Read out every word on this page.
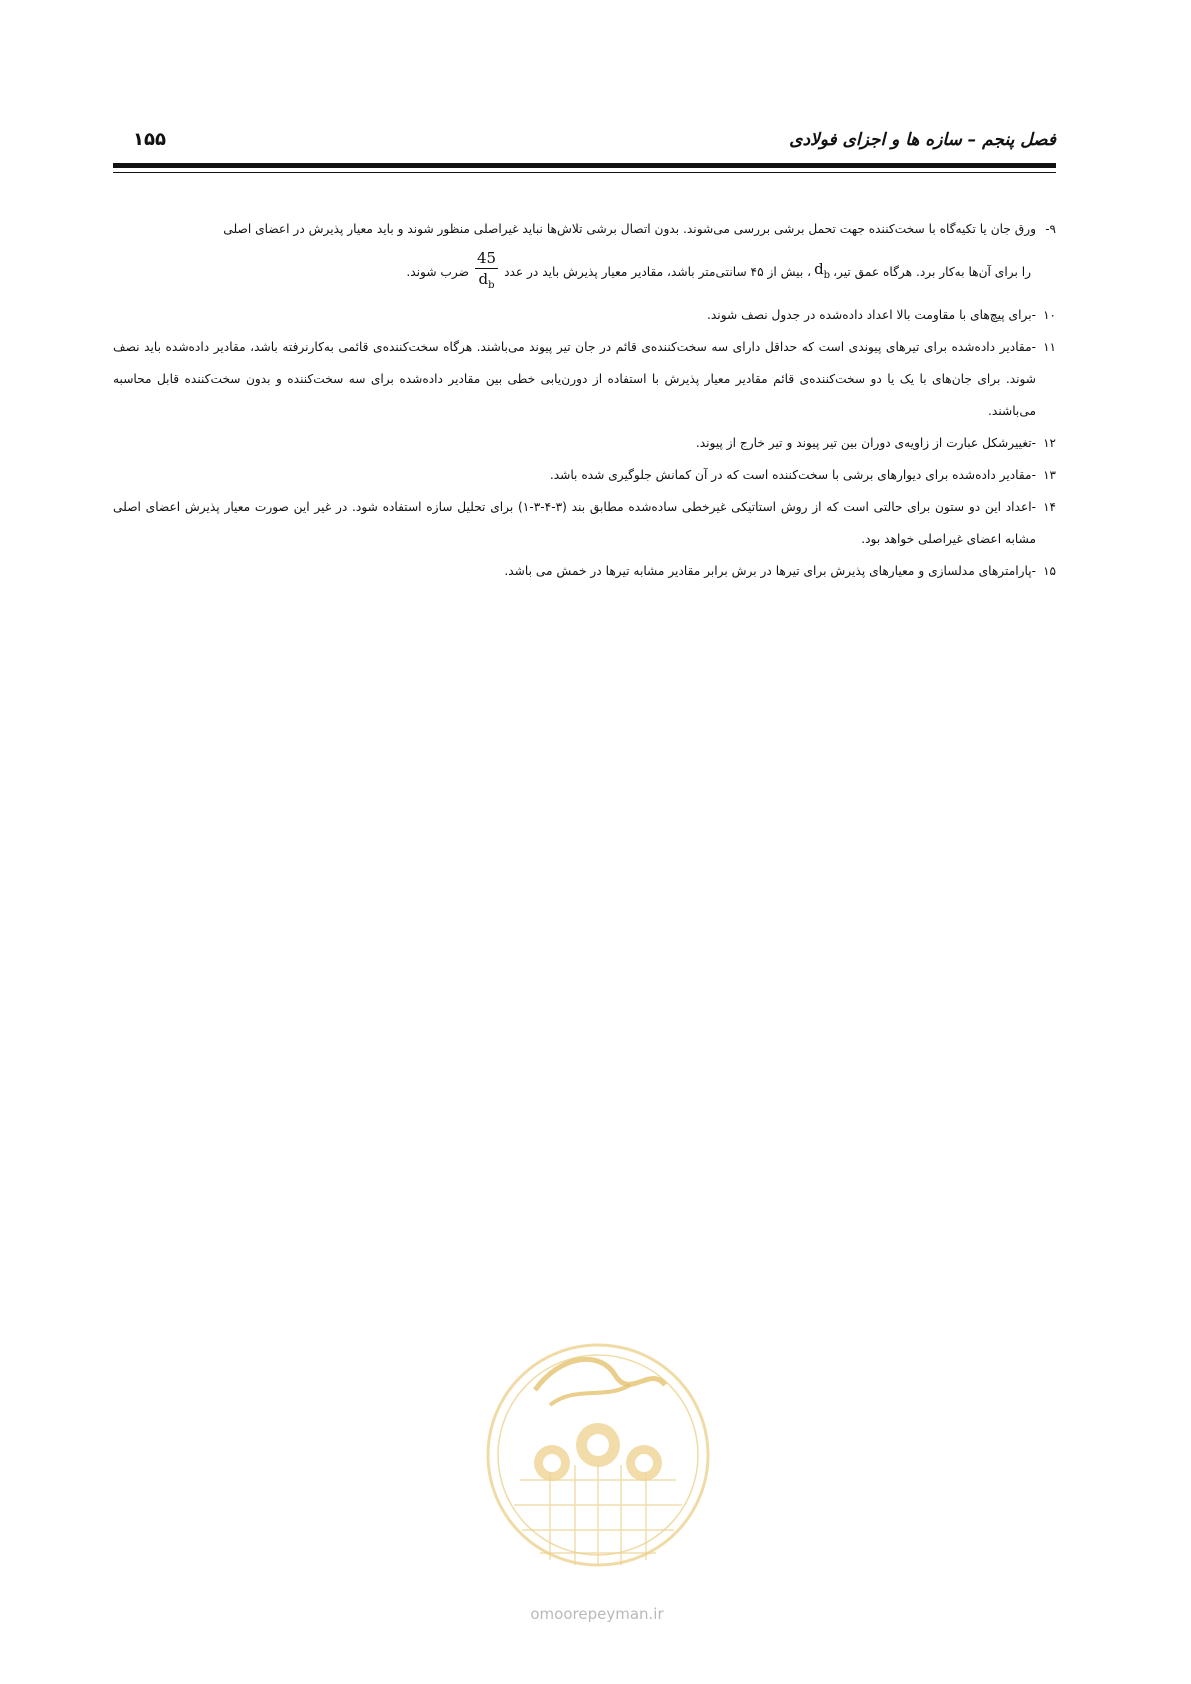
فصل پنجم – سازه ها و اجزای فولادی
۱۵۵
۹-

ورق جان یا تکیه‌گاه با سخت‌کننده جهت تحمل برشی بررسی می‌شوند. بدون اتصال برشی تلاش‌ها نباید غیراصلی منظور شوند و باید معیار پذیرش در اعضای اصلی

را برای آن‌ها به‌کار برد. هرگاه عمق تیر،
$d_b$
، بیش از ۴۵ سانتی‌متر باشد، مقادیر معیار پذیرش باید در عدد
$\frac{45}{d_b}$
ضرب شوند.
۱۰

-برای پیچ‌های با مقاومت بالا اعداد داده‌شده در جدول نصف شوند.

۱۱

-مقادیر داده‌شده برای تیرهای پیوندی است که حداقل دارای سه سخت‌کننده‌ی قائم در جان تیر پیوند می‌باشند. هرگاه سخت‌کننده‌ی قائمی به‌کارنرفته باشد، مقادیر داده‌شده باید نصف شوند. برای جان‌های با یک یا دو سخت‌کننده‌ی قائم مقادیر معیار پذیرش با استفاده از دورن‌یابی خطی بین مقادیر داده‌شده برای سه سخت‌کننده و بدون سخت‌کننده قابل محاسبه می‌باشند.

۱۲

-تغییرشکل عبارت از زاویه‌ی دوران بین تیر پیوند و تیر خارج از پیوند.

۱۳

-مقادیر داده‌شده برای دیوارهای برشی با سخت‌کننده است که در آن کمانش جلوگیری شده باشد.

۱۴

-اعداد این دو ستون برای حالتی است که از روش استاتیکی غیرخطی ساده‌شده مطابق بند (۳-۴-۳-۱) برای تحلیل سازه استفاده شود. در غیر این صورت معیار پذیرش اعضای اصلی مشابه اعضای غیراصلی خواهد بود.

۱۵

-پارامترهای مدلسازی و معیارهای پذیرش برای تیرها در برش برابر مقادیر مشابه تیرها در خمش می باشد.

omoorepeyman.ir
